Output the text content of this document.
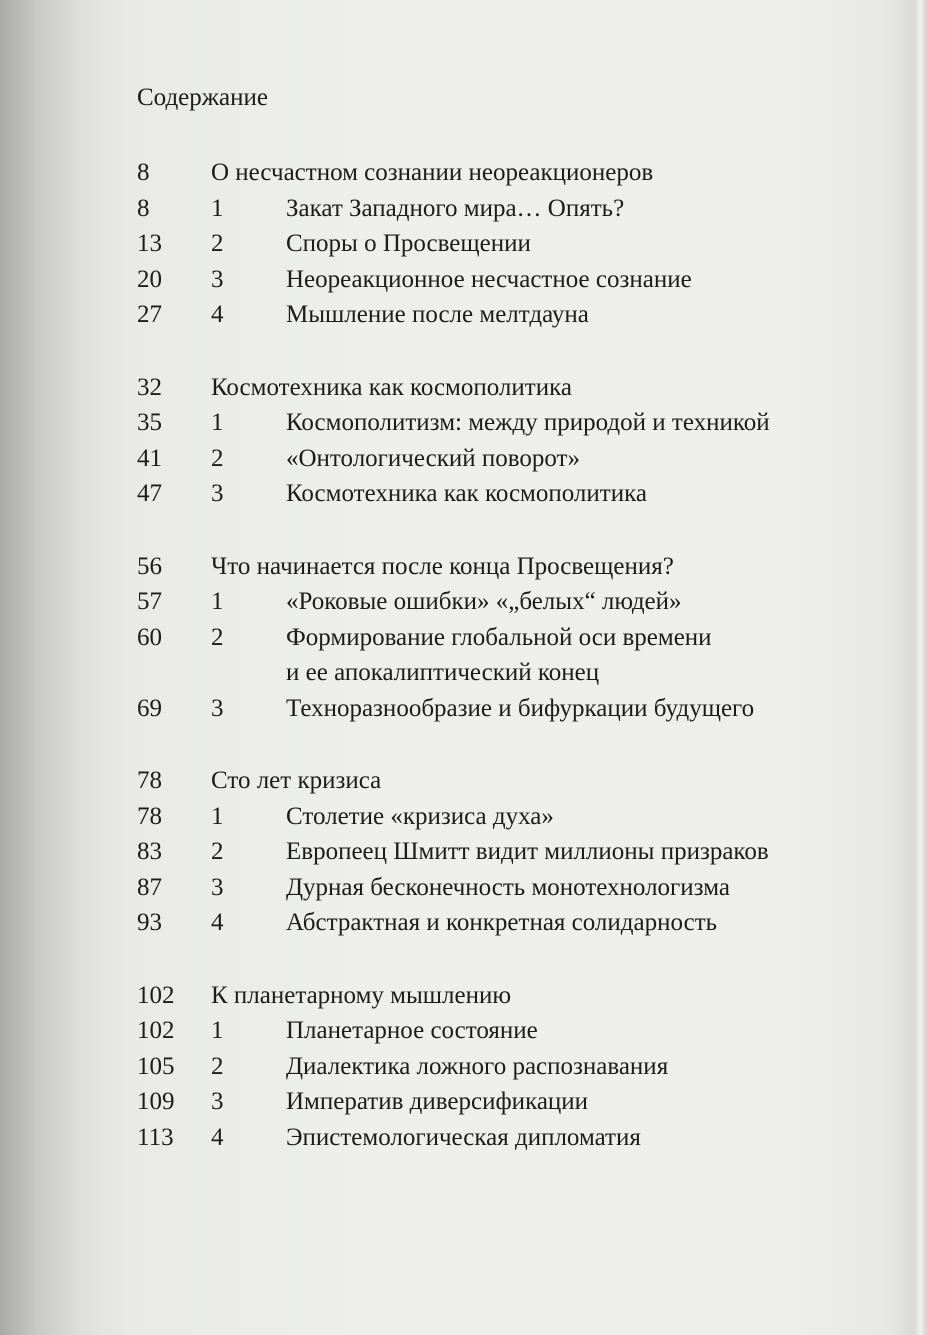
Содержание
8 О несчастном сознании неореакционеров
8 1	Закат Западного мира… Опять?
13 2	Споры о Просвещении
20 3	Неореакционное несчастное сознание
27 4	Мышление после мелтдауна
32 Космотехника как космополитика
35 1	Космополитизм: между природой и техникой
41 2	«Онтологический поворот»
47 3	Космотехника как космополитика
56 Что начинается после конца Просвещения?
57 1	«Роковые ошибки» «„белых“ людей»
60 2	Формирование глобальной оси времени
и ее апокалиптический конец
69 3	Техноразнообразие и бифуркации будущего
78 Сто лет кризиса
78 1	Столетие «кризиса духа»
83 2	Европеец Шмитт видит миллионы призраков
87 3	Дурная бесконечность монотехнологизма
93 4	Абстрактная и конкретная солидарность
102 К планетарному мышлению
102 1	Планетарное состояние
105 2	Диалектика ложного распознавания
109 3	Императив диверсификации
113 4	Эпистемологическая дипломатия
